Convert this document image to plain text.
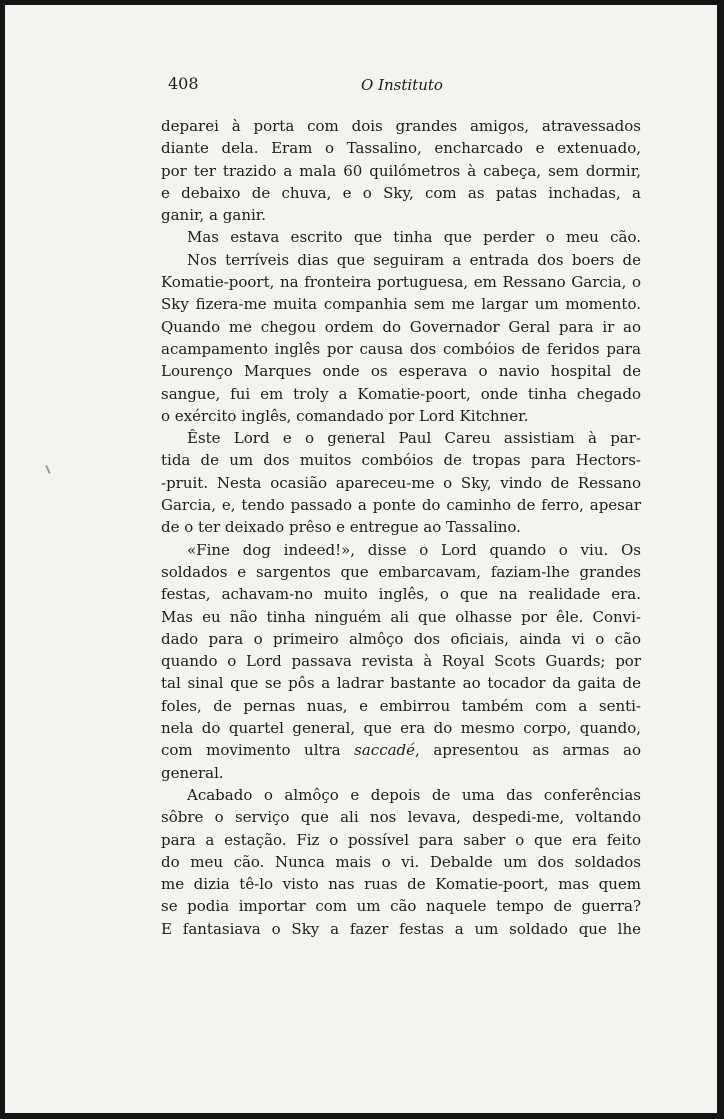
408	O Instituto
deparei à porta com dois grandes amigos, atravessados
diante dela. Eram o Tassalino, encharcado e extenuado,
por ter trazido a mala 60 quilómetros à cabeça, sem dormir,
e debaixo de chuva, e o Sky, com as patas inchadas, a
ganir, a ganir.
Mas estava escrito que tinha que perder o meu cão.
Nos terríveis dias que seguiram a entrada dos boers de
Komatie-poort, na fronteira portuguesa, em Ressano Garcia, o
Sky fizera-me muita companhia sem me largar um momento.
Quando me chegou ordem do Governador Geral para ir ao
acampamento inglês por causa dos combóios de feridos para
Lourenço Marques onde os esperava o navio hospital de
sangue, fui em troly a Komatie-poort, onde tinha chegado
o exército inglês, comandado por Lord Kitchner.
Êste Lord e o general Paul Careu assistiam à par-
tida de um dos muitos combóios de tropas para Hectors-
-pruit. Nesta ocasião apareceu-me o Sky, vindo de Ressano
Garcia, e, tendo passado a ponte do caminho de ferro, apesar
de o ter deixado prêso e entregue ao Tassalino.
«Fine dog indeed!», disse o Lord quando o viu. Os
soldados e sargentos que embarcavam, faziam-lhe grandes
festas, achavam-no muito inglês, o que na realidade era.
Mas eu não tinha ninguém ali que olhasse por êle. Convi-
dado para o primeiro almôço dos oficiais, ainda vi o cão
quando o Lord passava revista à Royal Scots Guards; por
tal sinal que se pôs a ladrar bastante ao tocador da gaita de
foles, de pernas nuas, e embirrou também com a senti-
nela do quartel general, que era do mesmo corpo, quando,
com movimento ultra saccadé, apresentou as armas ao
general.
Acabado o almôço e depois de uma das conferências
sôbre o serviço que ali nos levava, despedi-me, voltando
para a estação. Fiz o possível para saber o que era feito
do meu cão. Nunca mais o vi. Debalde um dos soldados
me dizia tê-lo visto nas ruas de Komatie-poort, mas quem
se podia importar com um cão naquele tempo de guerra?
E fantasiava o Sky a fazer festas a um soldado que lhe
